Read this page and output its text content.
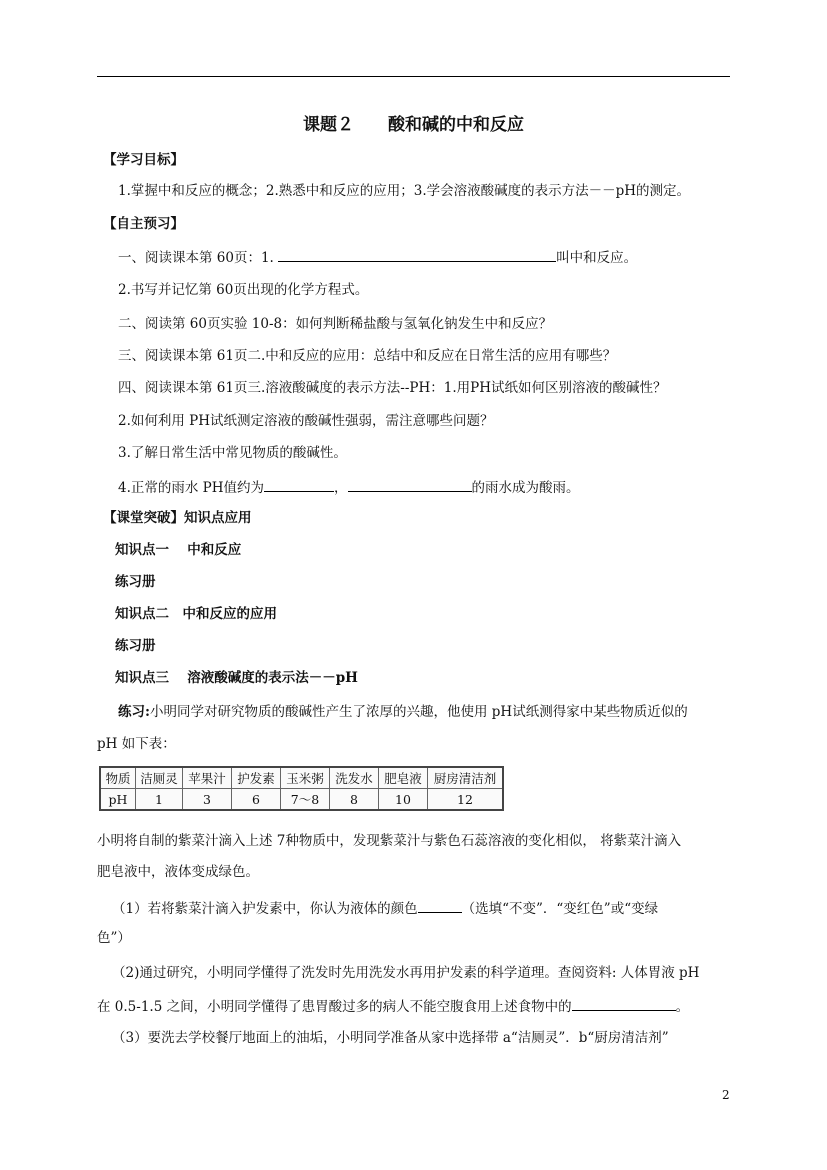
课题２ 酸和碱的中和反应
【学习目标】
1.掌握中和反应的概念；2.熟悉中和反应的应用；3.学会溶液酸碱度的表示方法－－pH的测定。
【自主预习】
一、阅读课本第 60页：1.	叫中和反应。
2.书写并记忆第 60页出现的化学方程式。
二、阅读第 60页实验 10-8：如何判断稀盐酸与氢氧化钠发生中和反应？
三、阅读课本第 61页二.中和反应的应用：总结中和反应在日常生活的应用有哪些？
四、阅读课本第 61页三.溶液酸碱度的表示方法--PH：1.用PH试纸如何区别溶液的酸碱性？
2.如何利用 PH试纸测定溶液的酸碱性强弱，需注意哪些问题？
3.了解日常生活中常见物质的酸碱性。
4.正常的雨水 PH值约为	，	的雨水成为酸雨。
【课堂突破】知识点应用
知识点一　 中和反应
练习册
知识点二　中和反应的应用
练习册
知识点三　 溶液酸碱度的表示法－－pH
练习:小明同学对研究物质的酸碱性产生了浓厚的兴趣，他使用 pH试纸测得家中某些物质近似的
pH 如下表：
物质	洁厕灵	苹果汁	护发素	玉米粥	洗发水	肥皂液	厨房清洁剂
pH	1	3	6	7～8	8	10	12
小明将自制的紫菜汁滴入上述 7种物质中，发现紫菜汁与紫色石蕊溶液的变化相似， 将紫菜汁滴入
肥皂液中，液体变成绿色。
（1）若将紫菜汁滴入护发素中，你认为液体的颜色	（选填“不变”．“变红色”或“变绿
色”）
（2)通过研究，小明同学懂得了洗发时先用洗发水再用护发素的科学道理。查阅资料: 人体胃液 pH
在 0.5-1.5 之间，小明同学懂得了患胃酸过多的病人不能空腹食用上述食物中的	。
（3）要洗去学校餐厅地面上的油垢，小明同学准备从家中选择带 a“洁厕灵”．b“厨房清洁剂”
2
